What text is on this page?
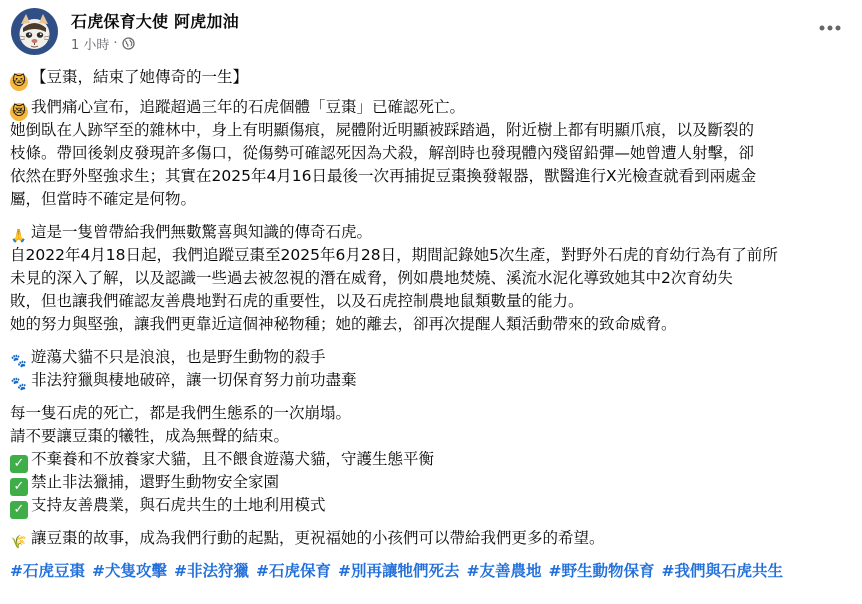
石虎保育大使 阿虎加油
1 小時 ·
🐱 【豆棗，結束了她傳奇的一生】
😿 我們痛心宣布，追蹤超過三年的石虎個體「豆棗」已確認死亡。
她倒臥在人跡罕至的雜林中，身上有明顯傷痕，屍體附近明顯被踩踏過，附近樹上都有明顯爪痕，以及斷裂的
枝條。帶回後剝皮發現許多傷口，從傷勢可確認死因為犬殺，解剖時也發現體內殘留鉛彈—她曾遭人射擊，卻
依然在野外堅強求生；其實在2025年4月16日最後一次再捕捉豆棗換發報器，獸醫進行X光檢查就看到兩處金
屬，但當時不確定是何物。
🙏 這是一隻曾帶給我們無數驚喜與知識的傳奇石虎。
自2022年4月18日起，我們追蹤豆棗至2025年6月28日，期間記錄她5次生產，對野外石虎的育幼行為有了前所
未見的深入了解，以及認識一些過去被忽視的潛在威脅，例如農地焚燒、溪流水泥化導致她其中2次育幼失
敗，但也讓我們確認友善農地對石虎的重要性，以及石虎控制農地鼠類數量的能力。
她的努力與堅強，讓我們更靠近這個神秘物種；她的離去，卻再次提醒人類活動帶來的致命威脅。
🐾 遊蕩犬貓不只是浪浪，也是野生動物的殺手
🐾 非法狩獵與棲地破碎，讓一切保育努力前功盡棄
每一隻石虎的死亡，都是我們生態系的一次崩塌。
請不要讓豆棗的犧牲，成為無聲的結束。
✓ 不棄養和不放養家犬貓，且不餵食遊蕩犬貓，守護生態平衡
✓ 禁止非法獵捕，還野生動物安全家園
✓ 支持友善農業，與石虎共生的土地利用模式
🌾 讓豆棗的故事，成為我們行動的起點，更祝福她的小孩們可以帶給我們更多的希望。
#石虎豆棗 #犬隻攻擊 #非法狩獵 #石虎保育 #別再讓牠們死去 #友善農地 #野生動物保育 #我們與石虎共生
